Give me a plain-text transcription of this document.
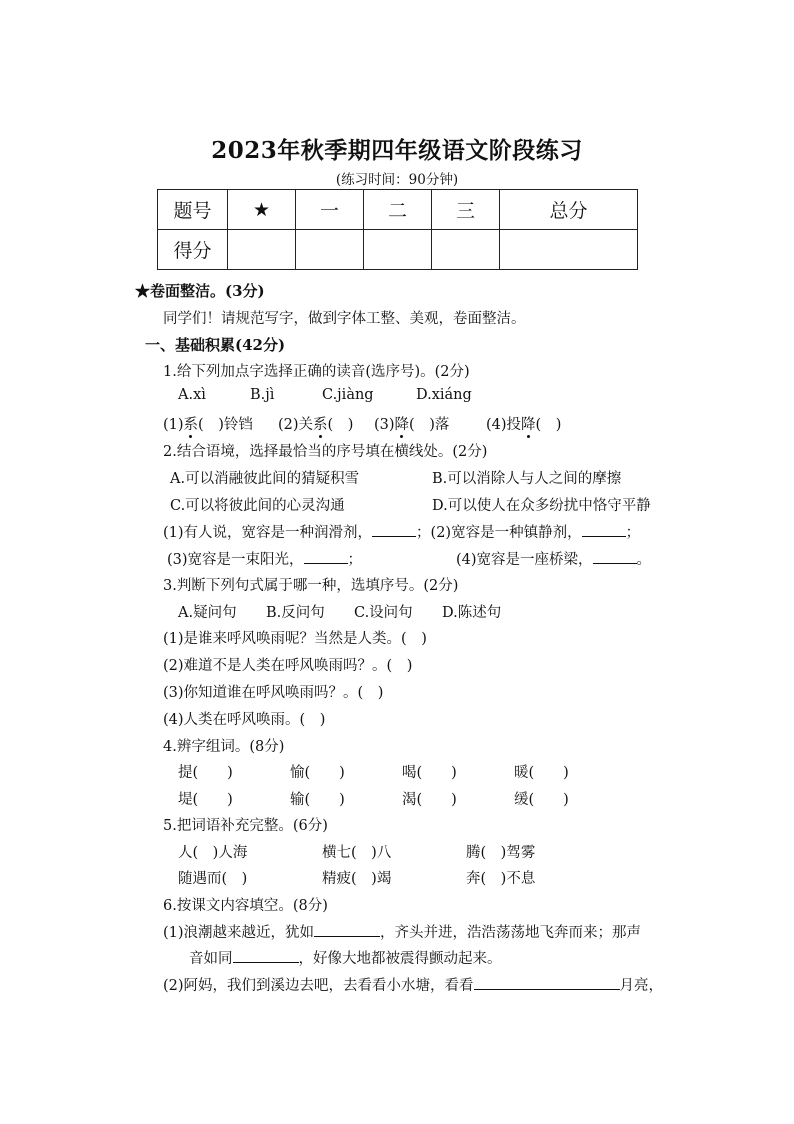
2023年秋季期四年级语文阶段练习
(练习时间：90分钟)
题号	★	一	二	三	总分
得分					
★卷面整洁。(3分)
同学们！请规范写字，做到字体工整、美观，卷面整洁。
一、基础积累(42分)
1.给下列加点字选择正确的读音(选序号)。(2分)
A.xì	B.jì	C.jiàng	D.xiáng
(1)系(　)铃铛 (2)关系(　) (3)降(　)落	(4)投降(　)
2.结合语境，选择最恰当的序号填在横线处。(2分)
A.可以消融彼此间的猜疑积雪	B.可以消除人与人之间的摩擦
C.可以将彼此间的心灵沟通	D.可以使人在众多纷扰中恪守平静
(1)有人说，宽容是一种润滑剂，	；(2)宽容是一种镇静剂，	；
(3)宽容是一束阳光，	；	(4)宽容是一座桥梁，	。
3.判断下列句式属于哪一种，选填序号。(2分)
A.疑问句 B.反问句 C.设问句 D.陈述句
(1)是谁来呼风唤雨呢？当然是人类。(　)
(2)难道不是人类在呼风唤雨吗？。(　)
(3)你知道谁在呼风唤雨吗？。(　)
(4)人类在呼风唤雨。(　)
4.辨字组词。(8分)
提(　　)	愉(　　)	喝(　　)	暖(　　)
堤(　　)	输(　　)	渴(　　)	缓(　　)
5.把词语补充完整。(6分)
人(　)人海	横七(　)八	腾(　)驾雾
随遇而(　)	精疲(　)竭	奔(　)不息
6.按课文内容填空。(8分)
(1)浪潮越来越近，犹如	，齐头并进，浩浩荡荡地飞奔而来；那声
音如同	，好像大地都被震得颤动起来。
(2)阿妈，我们到溪边去吧，去看看小水塘，看看	月亮，
